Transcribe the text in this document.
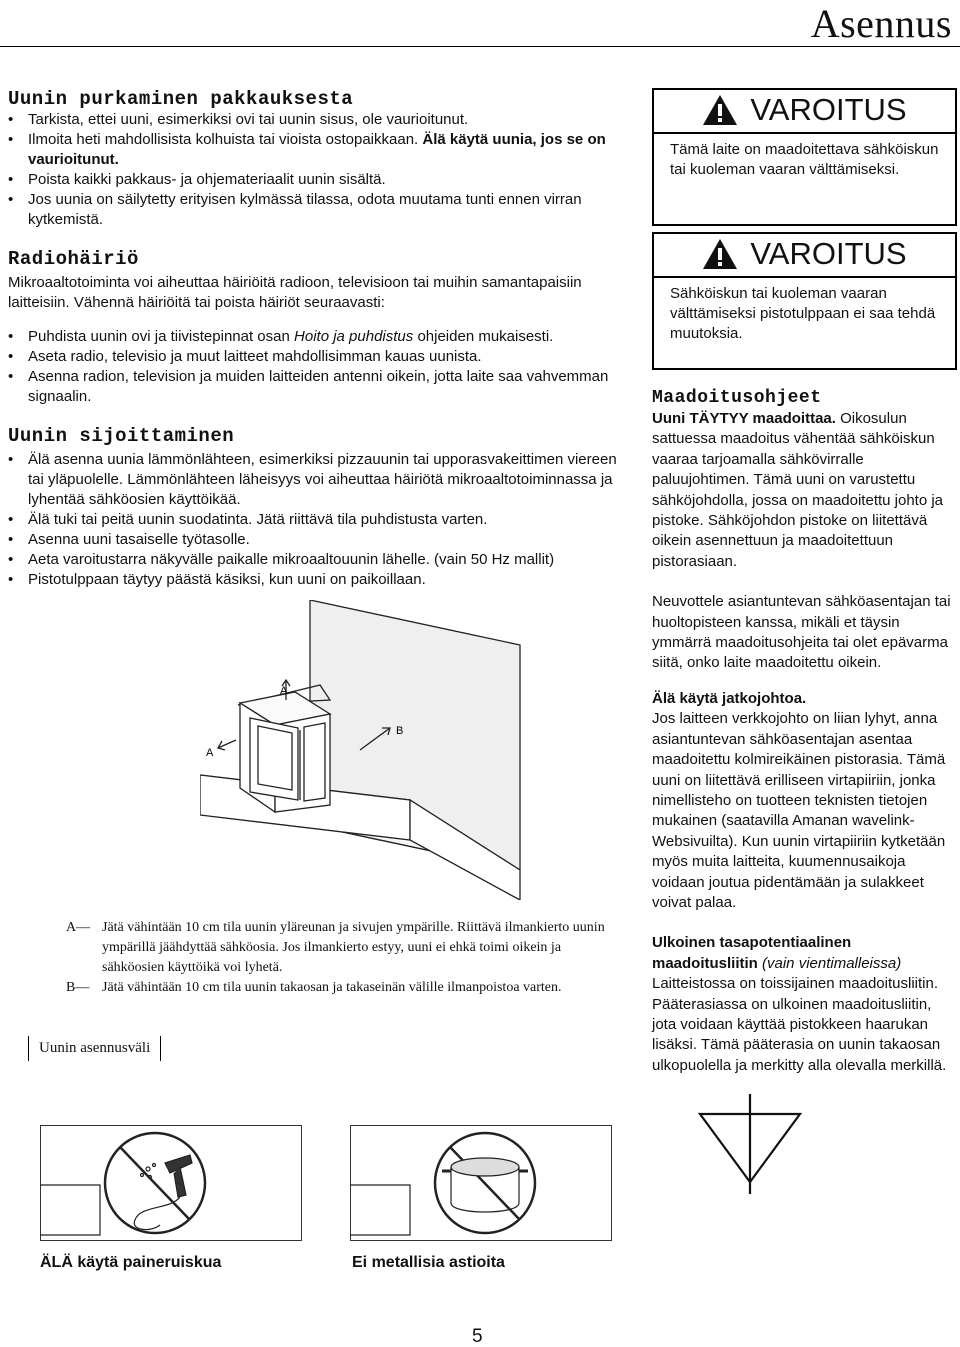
Asennus
Uunin purkaminen pakkauksesta
• Tarkista, ettei uuni, esimerkiksi ovi tai uunin sisus, ole vaurioitunut.
• Ilmoita heti mahdollisista kolhuista tai vioista ostopaikkaan. Älä käytä uunia, jos se on vaurioitunut.
• Poista kaikki pakkaus- ja ohjemateriaalit uunin sisältä.
• Jos uunia on säilytetty erityisen kylmässä tilassa, odota muutama tunti ennen virran kytkemistä.
Radiohäiriö

Mikroaaltotoiminta voi aiheuttaa häiriöitä radioon, televisioon tai muihin samantapaisiin laitteisiin. Vähennä häiriöitä tai poista häiriöt seuraavasti:

• Puhdista uunin ovi ja tiivistepinnat osan Hoito ja puhdistus ohjeiden mukaisesti.
• Aseta radio, televisio ja muut laitteet mahdollisimman kauas uunista.
• Asenna radion, television ja muiden laitteiden antenni oikein, jotta laite saa vahvemman signaalin.
Uunin sijoittaminen
• Älä asenna uunia lämmönlähteen, esimerkiksi pizzauunin tai upporasvakeittimen viereen tai yläpuolelle. Lämmönlähteen läheisyys voi aiheuttaa häiriötä mikroaaltotoiminnassa ja lyhentää sähköosien käyttöikää.
• Älä tuki tai peitä uunin suodatinta. Jätä riittävä tila puhdistusta varten.
• Asenna uuni tasaiselle työtasolle.
• Aeta varoitustarra näkyvälle paikalle mikroaaltouunin lähelle. (vain 50 Hz mallit)
• Pistotulppaan täytyy päästä käsiksi, kun uuni on paikoillaan.
A
A
B
A— Jätä vähintään 10 cm tila uunin yläreunan ja sivujen ympärille. Riittävä ilmankierto uunin ympärillä jäähdyttää sähköosia. Jos ilmankierto estyy, uuni ei ehkä toimi oikein ja sähköosien käyttöikä voi lyhetä.
B— Jätä vähintään 10 cm tila uunin takaosan ja takaseinän välille ilmanpoistoa varten.
Uunin asennusväli
ÄLÄ käytä paineruiskua	Ei metallisia astioita
VAROITUS
Tämä laite on maadoitettava sähköiskun tai kuoleman vaaran välttämiseksi.
VAROITUS
Sähköiskun tai kuoleman vaaran välttämiseksi pistotulppaan ei saa tehdä muutoksia.
Maadoitusohjeet

Uuni TÄYTYY maadoittaa. Oikosulun sattuessa maadoitus vähentää sähköiskun vaaraa tarjoamalla sähkövirralle paluujohtimen. Tämä uuni on varustettu sähköjohdolla, jossa on maadoitettu johto ja pistoke. Sähköjohdon pistoke on liitettävä oikein asennettuun ja maadoitettuun pistorasiaan.

Neuvottele asiantuntevan sähköasentajan tai huoltopisteen kanssa, mikäli et täysin ymmärrä maadoitusohjeita tai olet epävarma siitä, onko laite maadoitettu oikein.

Älä käytä jatkojohtoa.

Jos laitteen verkkojohto on liian lyhyt, anna asiantuntevan sähköasentajan asentaa maadoitettu kolmireikäinen pistorasia. Tämä uuni on liitettävä erilliseen virtapiiriin, jonka nimellisteho on tuotteen teknisten tietojen mukainen (saatavilla Amanan wavelink-Websivuilta). Kun uunin virtapiiriin kytketään myös muita laitteita, kuumennusaikoja voidaan joutua pidentämään ja sulakkeet voivat palaa.

Ulkoinen tasapotentiaalinen
maadoitusliitin (vain vientimalleissa)

Laitteistossa on toissijainen maadoitusliitin. Pääterasiassa on ulkoinen maadoitusliitin, jota voidaan käyttää pistokkeen haarukan lisäksi. Tämä pääterasia on uunin takaosan ulkopuolella ja merkitty alla olevalla merkillä.

5
